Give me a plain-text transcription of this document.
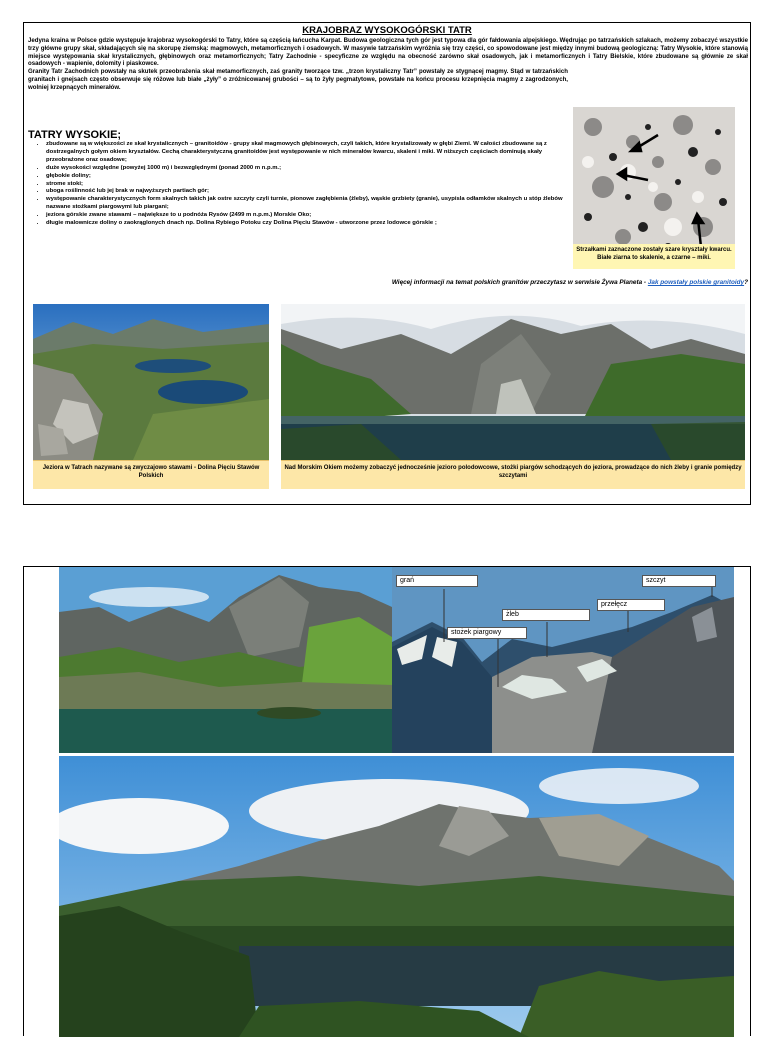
KRAJOBRAZ WYSOKOGÓRSKI TATR

Jedyna kraina w Polsce gdzie występuje krajobraz wysokogórski to Tatry, które są częścią łańcucha Karpat. Budowa geologiczna tych gór jest typowa dla gór fałdowania alpejskiego. Wędrując po tatrzańskich szlakach, możemy zobaczyć wszystkie trzy główne grupy skał, składających się na skorupę ziemską: magmowych, metamorficznych i osadowych. W masywie tatrzańskim wyróżnia się trzy części, co spowodowane jest między innymi budową geologiczną: Tatry Wysokie, które stanowią miejsce występowania skał krystalicznych, głębinowych oraz metamorficznych; Tatry Zachodnie - specyficzne ze względu na obecność zarówno skał osadowych, jak i metamorficznych i Tatry Bielskie, które zbudowane są głównie ze skał osadowych - wapienie, dolomity i piaskowce.

Granity Tatr Zachodnich powstały na skutek przeobrażenia skał metamorficznych, zaś granity tworzące tzw. „trzon krystaliczny Tatr” powstały ze stygnącej magmy. Stąd w tatrzańskich granitach i gnejsach często obserwuje się różowe lub białe „żyły” o zróżnicowanej grubości – są to żyły pegmatytowe, powstałe na końcu procesu krzepnięcia magmy z zagrodzonych, wolniej krzepnących minerałów.

TATRY WYSOKIE;
• zbudowane są w większości ze skał krystalicznych – granitoidów - grupy skał magmowych głębinowych, czyli takich, które krystalizowały w głębi Ziemi. W całości zbudowane są z dostrzegalnych gołym okiem kryształów. Cechą charakterystyczną granitoidów jest występowanie w nich minerałów kwarcu, skaleni i miki. W niższych częściach dominują skały przeobrażone oraz osadowe;
• duże wysokości względne (powyżej 1000 m) i bezwzględnymi (ponad 2000 m n.p.m.;
• głębokie doliny;
• strome stoki;
• uboga roślinność lub jej brak w najwyższych partiach gór;
• występowanie charakterystycznych form skalnych takich jak ostre szczyty czyli turnie, pionowe zagłębienia (żleby), wąskie grzbiety (granie), usypisla odłamków skalnych u stóp żlebów nazwane stożkami piargowymi lub piarganі;
• jeziora górskie zwane stawami – największe to u podnóża Rysów (2499 m n.p.m.) Morskie Oko;
• długie malownicze doliny o zaokrąglonych dnach np. Dolina Rybiego Potoku czy Dolina Pięciu Stawów - utworzone przez lodowce górskie ;
Strzałkami zaznaczone zostały szare kryształy kwarcu. Białe ziarna to skalenie, a czarne – miki.
Więcej informacji na temat polskich granitów przeczytasz w serwisie Żywa Planeta - Jak powstały polskie granitoidy?
Jeziora w Tatrach nazywane są zwyczajowo stawami - Dolina Pięciu Stawów Polskich
Nad Morskim Okiem możemy zobaczyć jednocześnie jezioro polodowcowe, stożki piargów schodzących do jeziora, prowadzące do nich żleby i granie pomiędzy szczytami
grań	szczyt
przełęcz
żleb
stożek piargowy
